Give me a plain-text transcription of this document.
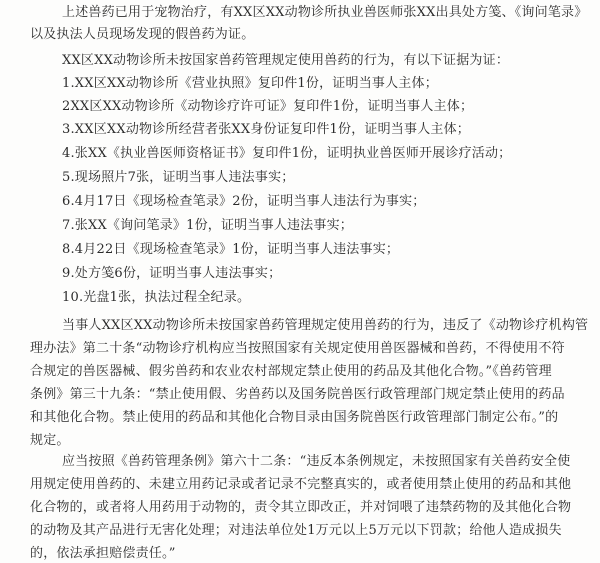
上述兽药已用于宠物治疗，有XX区XX动物诊所执业兽医师张XX出具处方笺、《询问笔录》
以及执法人员现场发现的假兽药为证。
XX区XX动物诊所未按国家兽药管理规定使用兽药的行为，有以下证据为证：
1.XX区XX动物诊所《营业执照》复印件1份，证明当事人主体；
2XX区XX动物诊所《动物诊疗许可证》复印件1份，证明当事人主体；
3.XX区XX动物诊所经营者张XX身份证复印件1份，证明当事人主体；
4.张XX《执业兽医师资格证书》复印件1份，证明执业兽医师开展诊疗活动；
5.现场照片7张，证明当事人违法事实；
6.4月17日《现场检查笔录》2份，证明当事人违法行为事实；
7.张XX《询问笔录》1份，证明当事人违法事实；
8.4月22日《现场检查笔录》1份，证明当事人违法事实；
9.处方笺6份，证明当事人违法事实；
10.光盘1张，执法过程全纪录。
当事人XX区XX动物诊所未按国家兽药管理规定使用兽药的行为，违反了《动物诊疗机构管
理办法》第二十条“动物诊疗机构应当按照国家有关规定使用兽医器械和兽药，不得使用不符
合规定的兽医器械、假劣兽药和农业农村部规定禁止使用的药品及其他化合物。”《兽药管理
条例》第三十九条：“禁止使用假、劣兽药以及国务院兽医行政管理部门规定禁止使用的药品
和其他化合物。禁止使用的药品和其他化合物目录由国务院兽医行政管理部门制定公布。”的
规定。
应当按照《兽药管理条例》第六十二条：“违反本条例规定，未按照国家有关兽药安全使
用规定使用兽药的、未建立用药记录或者记录不完整真实的，或者使用禁止使用的药品和其他
化合物的，或者将人用药用于动物的，责令其立即改正，并对饲喂了违禁药物的及其他化合物
的动物及其产品进行无害化处理；对违法单位处1万元以上5万元以下罚款；给他人造成损失
的，依法承担赔偿责任。”
